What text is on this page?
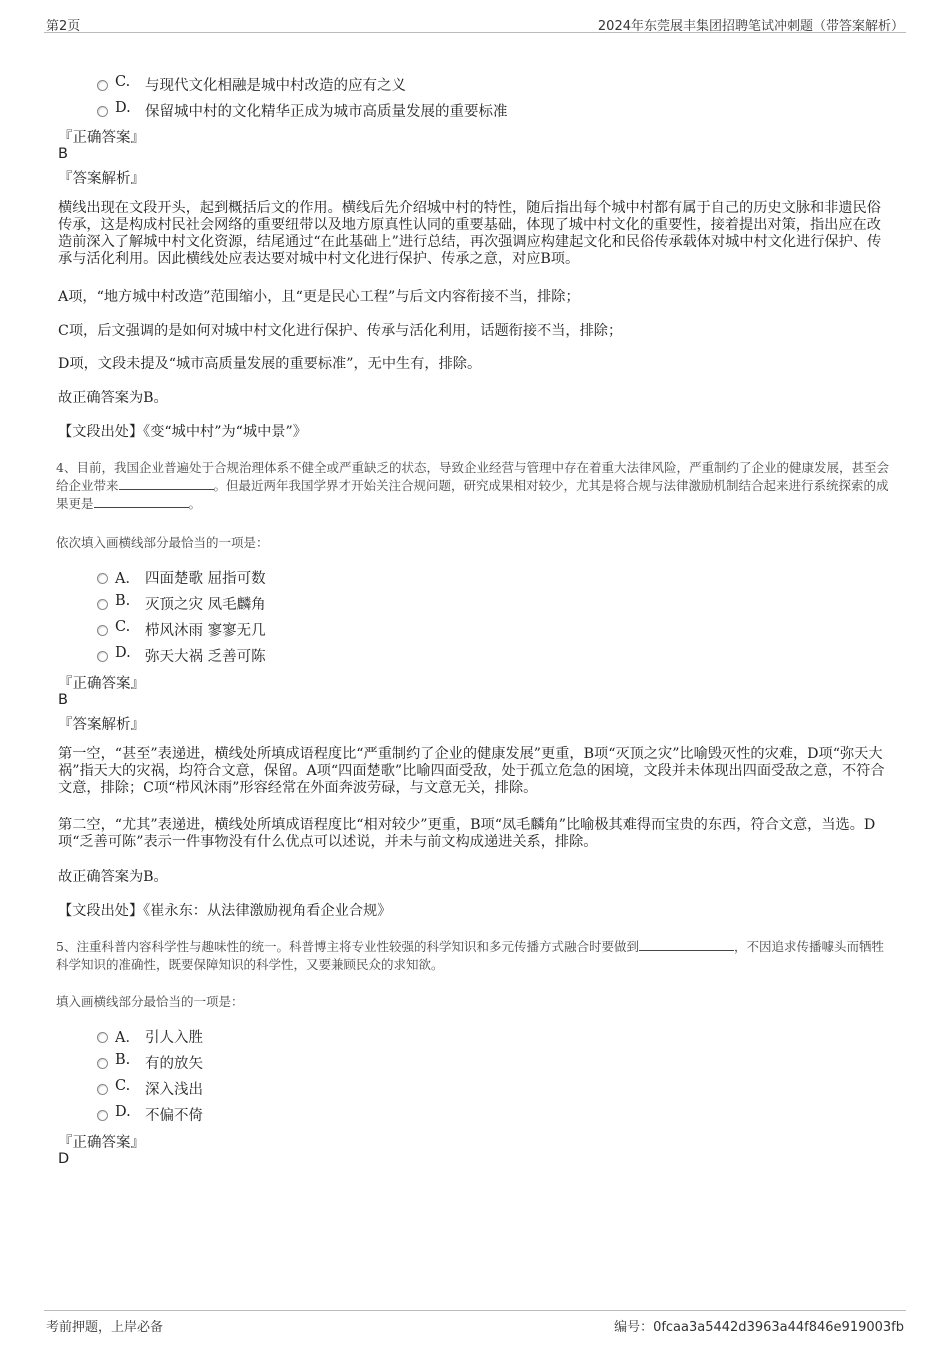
第2页	2024年东莞展丰集团招聘笔试冲刺题（带答案解析）
C. 与现代文化相融是城中村改造的应有之义
D. 保留城中村的文化精华正成为城市高质量发展的重要标准
『正确答案』
B
『答案解析』
横线出现在文段开头，起到概括后文的作用。横线后先介绍城中村的特性，随后指出每个城中村都有属于自己的历史文脉和非遗民俗传承，这是构成村民社会网络的重要纽带以及地方原真性认同的重要基础，体现了城中村文化的重要性，接着提出对策，指出应在改造前深入了解城中村文化资源，结尾通过“在此基础上”进行总结，再次强调应构建起文化和民俗传承载体对城中村文化进行保护、传承与活化利用。因此横线处应表达要对城中村文化进行保护、传承之意，对应B项。
A项，“地方城中村改造”范围缩小，且“更是民心工程”与后文内容衔接不当，排除；
C项，后文强调的是如何对城中村文化进行保护、传承与活化利用，话题衔接不当，排除；
D项，文段未提及“城市高质量发展的重要标准”，无中生有，排除。
故正确答案为B。
【文段出处】《变“城中村”为“城中景”》
4、目前，我国企业普遍处于合规治理体系不健全或严重缺乏的状态，导致企业经营与管理中存在着重大法律风险，严重制约了企业的健康发展，甚至会给企业带来	。但最近两年我国学界才开始关注合规问题，研究成果相对较少，尤其是将合规与法律激励机制结合起来进行系统探索的成果更是	。
依次填入画横线部分最恰当的一项是：
A． 四面楚歌 屈指可数
B. 灭顶之灾 凤毛麟角
C. 栉风沐雨 寥寥无几
D. 弥天大祸 乏善可陈
『正确答案』
B
『答案解析』
第一空，“甚至”表递进，横线处所填成语程度比“严重制约了企业的健康发展”更重，B项“灭顶之灾”比喻毁灭性的灾难，D项“弥天大祸”指天大的灾祸，均符合文意，保留。A项“四面楚歌”比喻四面受敌，处于孤立危急的困境，文段并未体现出四面受敌之意，不符合文意，排除；C项“栉风沐雨”形容经常在外面奔波劳碌，与文意无关，排除。
第二空，“尤其”表递进，横线处所填成语程度比“相对较少”更重，B项“凤毛麟角”比喻极其难得而宝贵的东西，符合文意，当选。D项“乏善可陈”表示一件事物没有什么优点可以述说，并未与前文构成递进关系，排除。
故正确答案为B。
【文段出处】《崔永东：从法律激励视角看企业合规》
5、注重科普内容科学性与趣味性的统一。科普博主将专业性较强的科学知识和多元传播方式融合时要做到	，不因追求传播噱头而牺牲科学知识的准确性，既要保障知识的科学性，又要兼顾民众的求知欲。
填入画横线部分最恰当的一项是：
A． 引人入胜
B. 有的放矢
C. 深入浅出
D. 不偏不倚
『正确答案』
D
考前押题，上岸必备	编号：0fcaa3a5442d3963a44f846e919003fb
